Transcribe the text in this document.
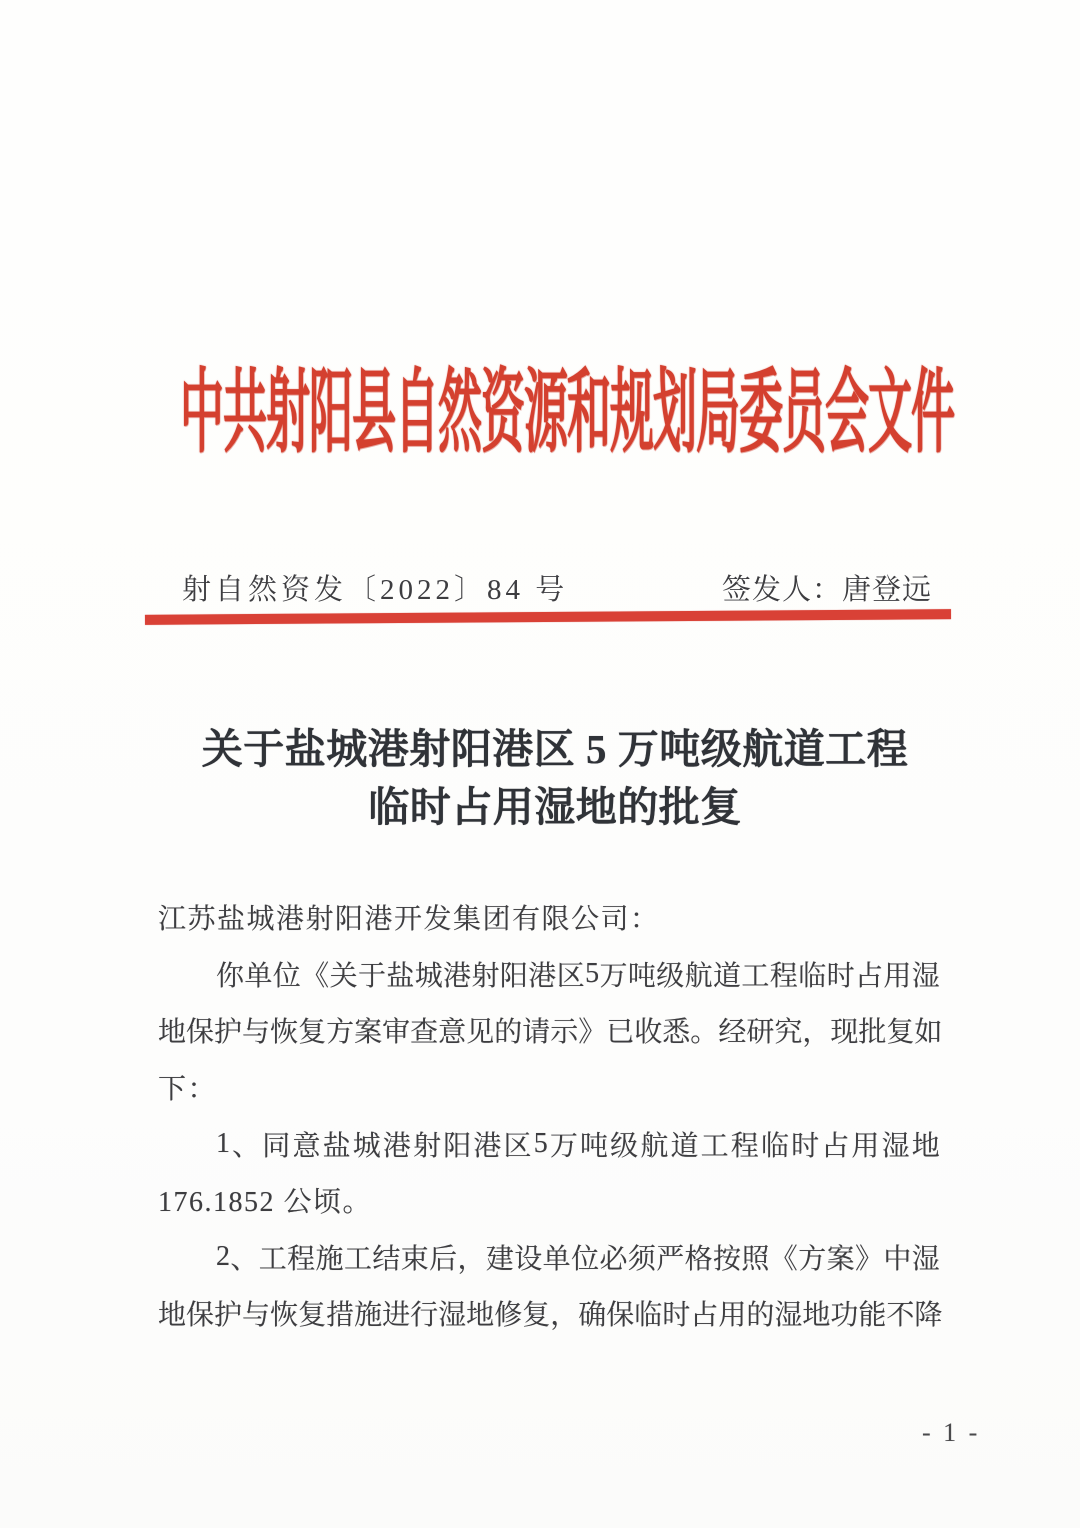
中共射阳县自然资源和规划局委员会文件
射自然资发〔2022〕84 号	签发人：唐登远
关于盐城港射阳港区 5 万吨级航道工程
临时占用湿地的批复
江苏盐城港射阳港开发集团有限公司：
你 单 位 《 关 于 盐 城 港 射 阳 港 区 5 万 吨 级 航 道 工 程 临 时 占 用 湿
地 保 护 与 恢 复 方 案 审 查 意 见 的 请 示 》 已 收 悉 。 经 研 究 ， 现 批 复 如
下：
1 、 同 意 盐 城 港 射 阳 港 区 5 万 吨 级 航 道 工 程 临 时 占 用 湿 地
176.1852 公顷。
2 、 工 程 施 工 结 束 后 ， 建 设 单 位 必 须 严 格 按 照 《 方 案 》 中 湿
地 保 护 与 恢 复 措 施 进 行 湿 地 修 复 ， 确 保 临 时 占 用 的 湿 地 功 能 不 降
- 1 -
